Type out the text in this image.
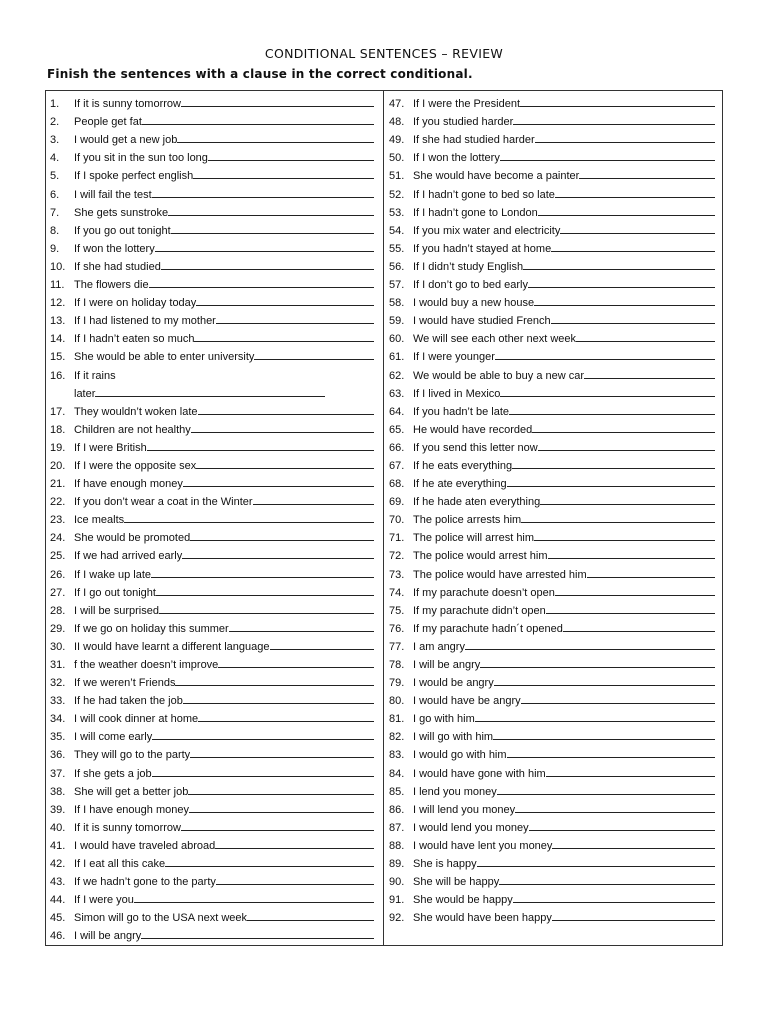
CONDITIONAL SENTENCES – REVIEW
Finish the sentences with a clause in the correct conditional.
1.	If it is sunny tomorrow
2.	People get fat
3.	I would get a new job
4.	If you sit in the sun too long
5.	If I spoke perfect english
6.	I will fail the test
7.	She gets sunstroke
8.	If you go out tonight
9.	If won the lottery
10. If she had studied
11. The flowers die
12. If I were on holiday today
13. If I had listened to my mother
14. If I hadn’t eaten so much
15. She would be able to enter university
16. If it rains
later
17. They wouldn’t woken late
18. Children are not healthy
19. If I were British
20. If I were the opposite sex
21. If have enough money
22. If you don’t wear a coat in the Winter
23. Ice mealts
24. She would be promoted
25. If we had arrived early
26. If I wake up late
27. If I go out tonight
28. I will be surprised
29. If we go on holiday this summer
30. II would have learnt a different language
31. f the weather doesn’t improve
32. If we weren’t Friends
33. If he had taken the job
34. I will cook dinner at home
35. I will come early
36. They will go to the party
37. If she gets a job
38. She will get a better job
39. If I have enough money
40. If it is sunny tomorrow
41. I would have traveled abroad
42. If I eat all this cake
43. If we hadn’t gone to the party
44. If I were you
45. Simon will go to the USA next week
46. I will be angry
47. If I were the President
48. If you studied harder
49. If she had studied harder
50. If I won the lottery
51. She would have become a painter
52. If I hadn’t gone to bed so late
53. If I hadn’t gone to London
54. If you mix water and electricity
55. If you hadn’t stayed at home
56. If I didn’t study English
57. If I don’t go to bed early
58. I would buy a new house
59. I would have studied French
60. We will see each other next week
61. If I were younger
62. We would be able to buy a new car
63. If I lived in Mexico
64. If you hadn’t be late
65. He would have recorded
66. If you send this letter now
67. If he eats everything
68. If he ate everything
69. If he hade aten everything
70. The police arrests him
71. The police will arrest him
72. The police would arrest him
73. The police would have arrested him
74. If my parachute doesn’t open
75. If my parachute didn’t open
76. If my parachute hadn´t opened
77. I am angry
78. I will be angry
79. I would be angry
80. I would have be angry
81. I go with him
82. I will go with him
83. I would go with him
84. I would have gone with him
85. I lend you money
86. I will lend you money
87. I would lend you money
88. I would have lent you money
89. She is happy
90. She will be happy
91. She would be happy
92. She would have been happy
